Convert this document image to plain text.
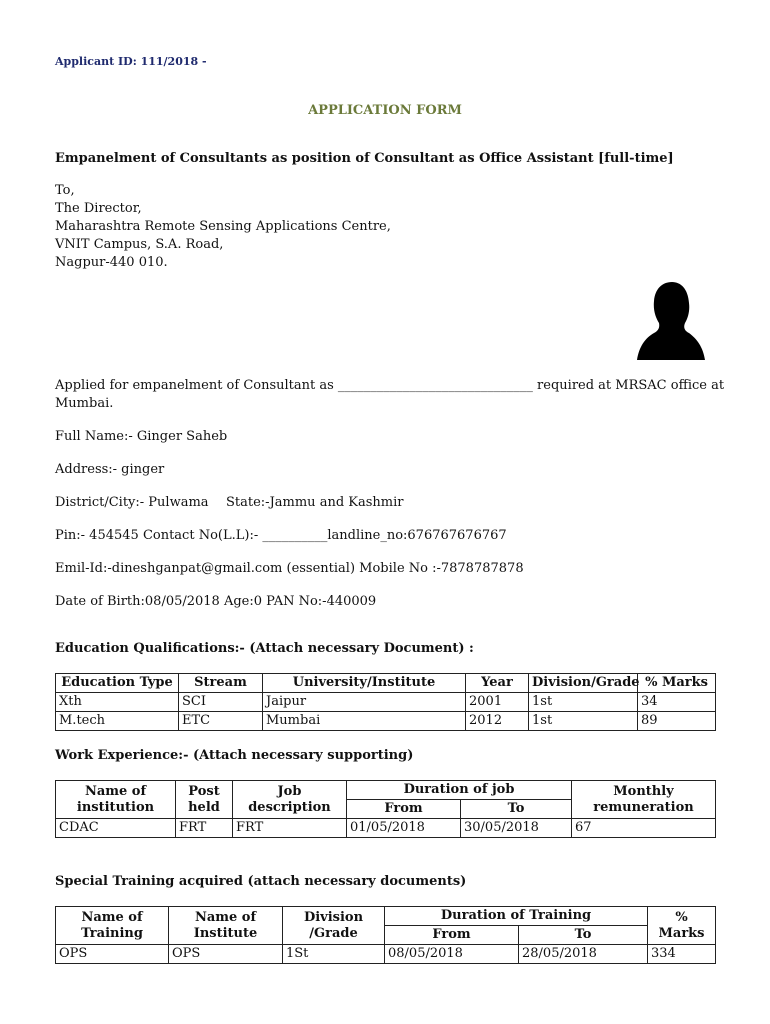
Applicant ID: 111/2018 -
APPLICATION FORM
Empanelment of Consultants as position of Consultant as Office Assistant [full-time]
To,
The Director,
Maharashtra Remote Sensing Applications Centre,
VNIT Campus, S.A. Road,
Nagpur-440 010.
Applied for empanelment of Consultant as ______________________________ required at MRSAC office at
Mumbai.
Full Name:- Ginger Saheb
Address:- ginger
District/City:- Pulwama State:-Jammu and Kashmir
Pin:- 454545 Contact No(L.L):- __________landline_no:676767676767
Emil-Id:-dineshganpat@gmail.com (essential) Mobile No :-7878787878
Date of Birth:08/05/2018 Age:0 PAN No:-440009
Education Qualifications:- (Attach necessary Document) :
Education Type	Stream	University/Institute	Year	Division/Grade	% Marks
Xth	SCI	Jaipur	2001	1st	34
M.tech	ETC	Mumbai	2012	1st	89
Work Experience:- (Attach necessary supporting)
Name of
institution	Post
held	Job description	Duration of job		Monthly
remuneration
			From	To	
CDAC	FRT	FRT	01/05/2018	30/05/2018	67
Special Training acquired (attach necessary documents)
Name of
Training	Name of
Institute	Division
/Grade	Duration of Training		% Marks
			From	To	
OPS	OPS	1St	08/05/2018	28/05/2018	334
